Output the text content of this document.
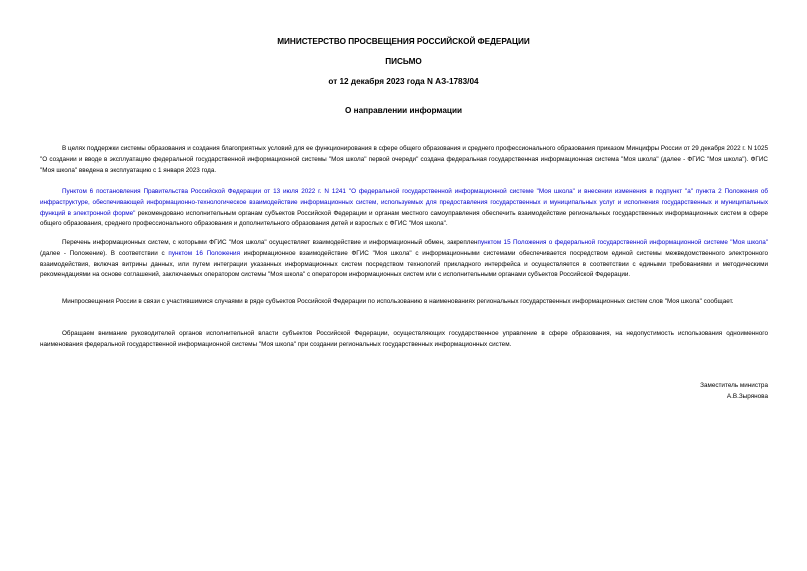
МИНИСТЕРСТВО ПРОСВЕЩЕНИЯ РОССИЙСКОЙ ФЕДЕРАЦИИ
ПИСЬМО
от 12 декабря 2023 года N АЗ-1783/04
О направлении информации

В целях поддержки системы образования и создания благоприятных условий для ее функционирования в сфере общего образования и среднего профессионального образования приказом Минцифры России от 29 декабря 2022 г. N 1025 "О создании и вводе в эксплуатацию федеральной государственной информационной системы "Моя школа" первой очереди" создана федеральная государственная информационная система "Моя школа" (далее - ФГИС "Моя школа"). ФГИС "Моя школа" введена в эксплуатацию с 1 января 2023 года.

Пунктом 6 постановления Правительства Российской Федерации от 13 июля 2022 г. N 1241 "О федеральной государственной информационной системе "Моя школа" и внесении изменения в подпункт "а" пункта 2 Положения об инфраструктуре, обеспечивающей информационно-технологическое взаимодействие информационных систем, используемых для предоставления государственных и муниципальных услуг и исполнения государственных и муниципальных функций в электронной форме" рекомендовано исполнительным органам субъектов Российской Федерации и органам местного самоуправления обеспечить взаимодействие региональных государственных информационных систем в сфере общего образования, среднего профессионального образования и дополнительного образования детей и взрослых с ФГИС "Моя школа".

Перечень информационных систем, с которыми ФГИС "Моя школа" осуществляет взаимодействие и информационный обмен, закрепленпунктом 15 Положения о федеральной государственной информационной системе "Моя школа" (далее - Положение). В соответствии с пунктом 16 Положения информационное взаимодействие ФГИС "Моя школа" с информационными системами обеспечивается посредством единой системы межведомственного электронного взаимодействия, включая витрины данных, или путем интеграции указанных информационных систем посредством технологий прикладного интерфейса и осуществляется в соответствии с едиными требованиями и методическими рекомендациями на основе соглашений, заключаемых оператором системы "Моя школа" с оператором информационных систем или с исполнительными органами субъектов Российской Федерации.

Минпросвещения России в связи с участившимися случаями в ряде субъектов Российской Федерации по использованию в наименованиях региональных государственных информационных систем слов "Моя школа" сообщает.

Обращаем внимание руководителей органов исполнительной власти субъектов Российской Федерации, осуществляющих государственное управление в сфере образования, на недопустимость использования одноименного наименования федеральной государственной информационной системы "Моя школа" при создании региональных государственных информационных систем.

Заместитель министра
А.В.Зырянова
